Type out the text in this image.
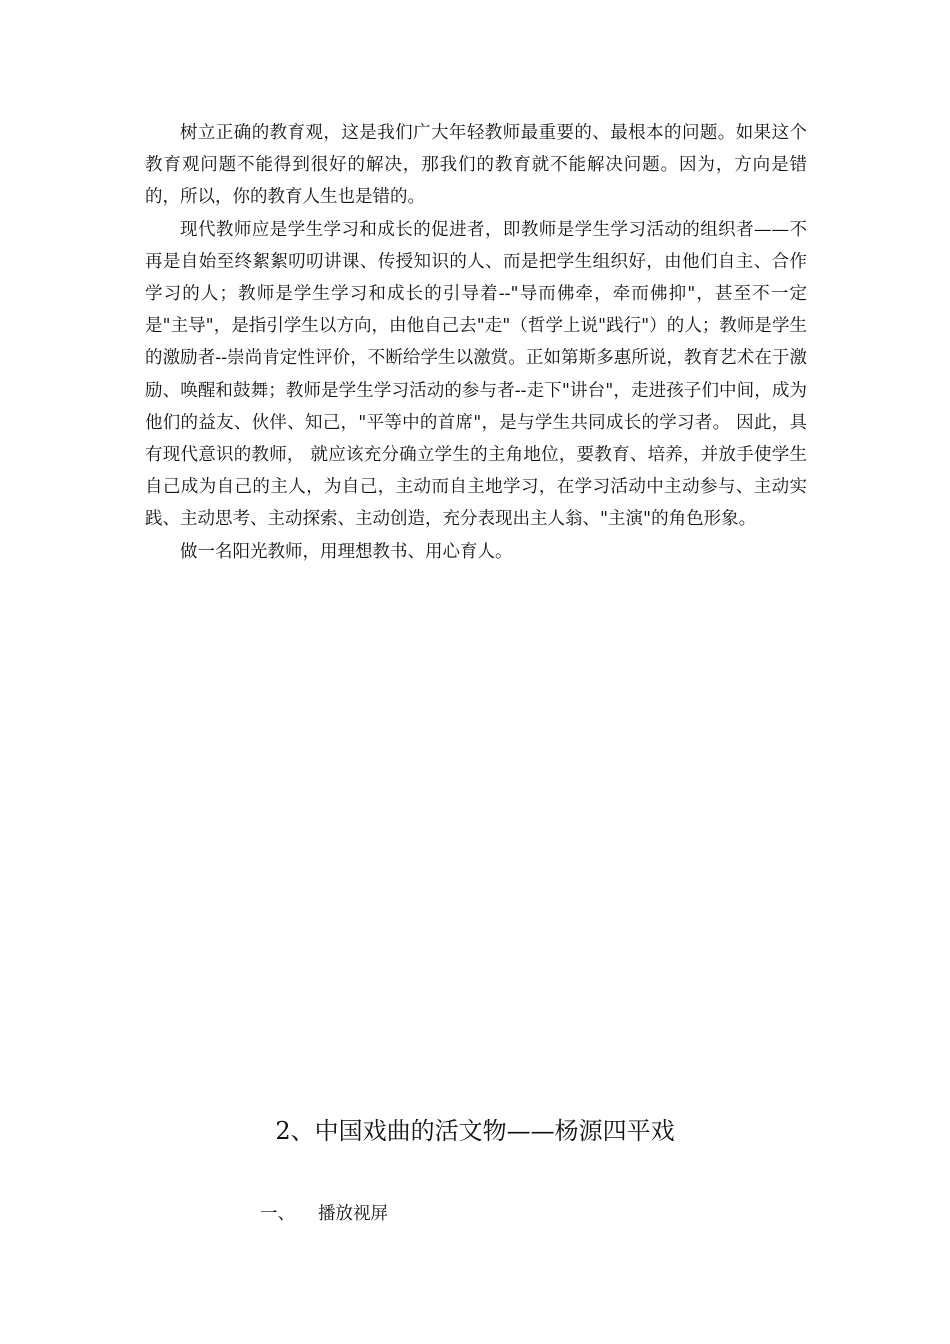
树立正确的教育观，这是我们广大年轻教师最重要的、最根本的问题。如果这个教育观问题不能得到很好的解决，那我们的教育就不能解决问题。因为，方向是错的，所以，你的教育人生也是错的。

现代教师应是学生学习和成长的促进者，即教师是学生学习活动的组织者——不再是自始至终絮絮叨叨讲课、传授知识的人、而是把学生组织好，由他们自主、合作学习的人；教师是学生学习和成长的引导着--"导而佛牵，牵而佛抑"，甚至不一定是"主导"，是指引学生以方向，由他自己去"走"（哲学上说"践行"）的人；教师是学生的激励者--崇尚肯定性评价，不断给学生以激赏。正如第斯多惠所说，教育艺术在于激励、唤醒和鼓舞；教师是学生学习活动的参与者--走下"讲台"，走进孩子们中间，成为他们的益友、伙伴、知己，"平等中的首席"，是与学生共同成长的学习者。 因此，具有现代意识的教师， 就应该充分确立学生的主角地位，要教育、培养，并放手使学生自己成为自己的主人，为自己，主动而自主地学习，在学习活动中主动参与、主动实践、主动思考、主动探索、主动创造，充分表现出主人翁、"主演"的角色形象。

做一名阳光教师，用理想教书、用心育人。

2、中国戏曲的活文物——杨源四平戏
一、 播放视屏
